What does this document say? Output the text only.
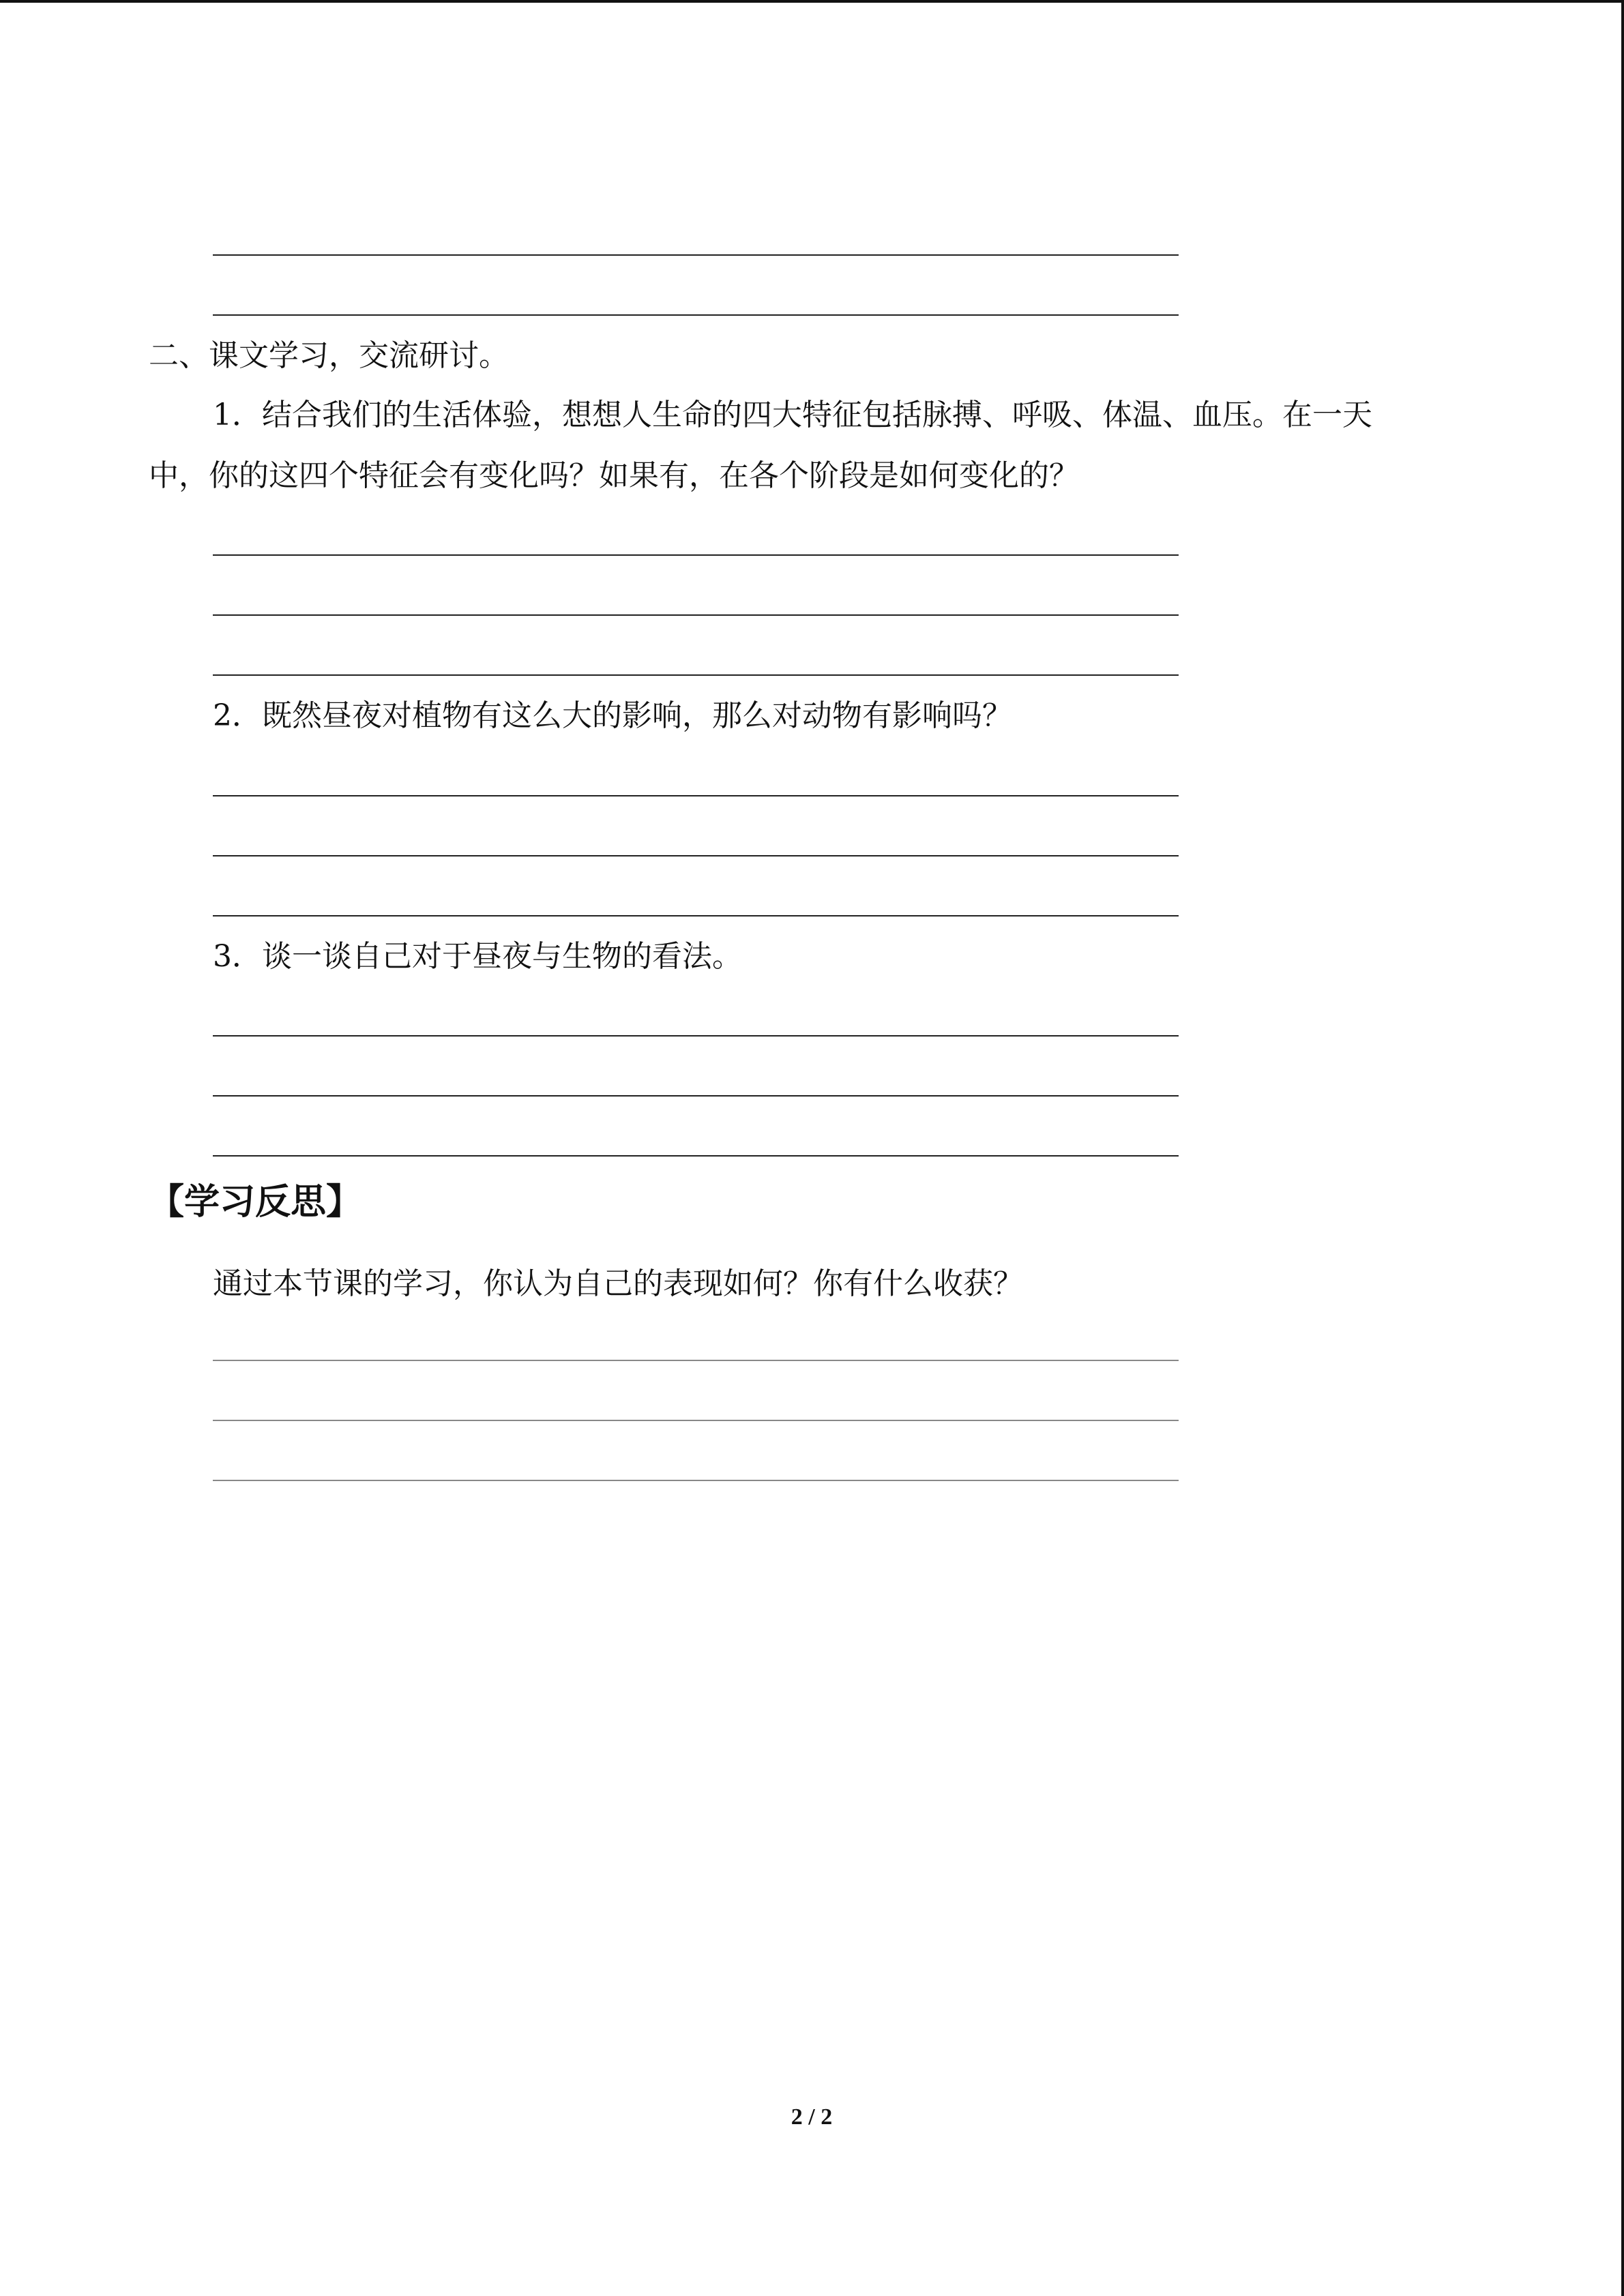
二、课文学习，交流研讨。
1．结合我们的生活体验，想想人生命的四大特征包括脉搏、呼吸、体温、血压。在一天
中，你的这四个特征会有变化吗？如果有，在各个阶段是如何变化的？
2．既然昼夜对植物有这么大的影响，那么对动物有影响吗？
3．谈一谈自己对于昼夜与生物的看法。
【学习反思】
通过本节课的学习，你认为自己的表现如何？你有什么收获？
2 / 2
